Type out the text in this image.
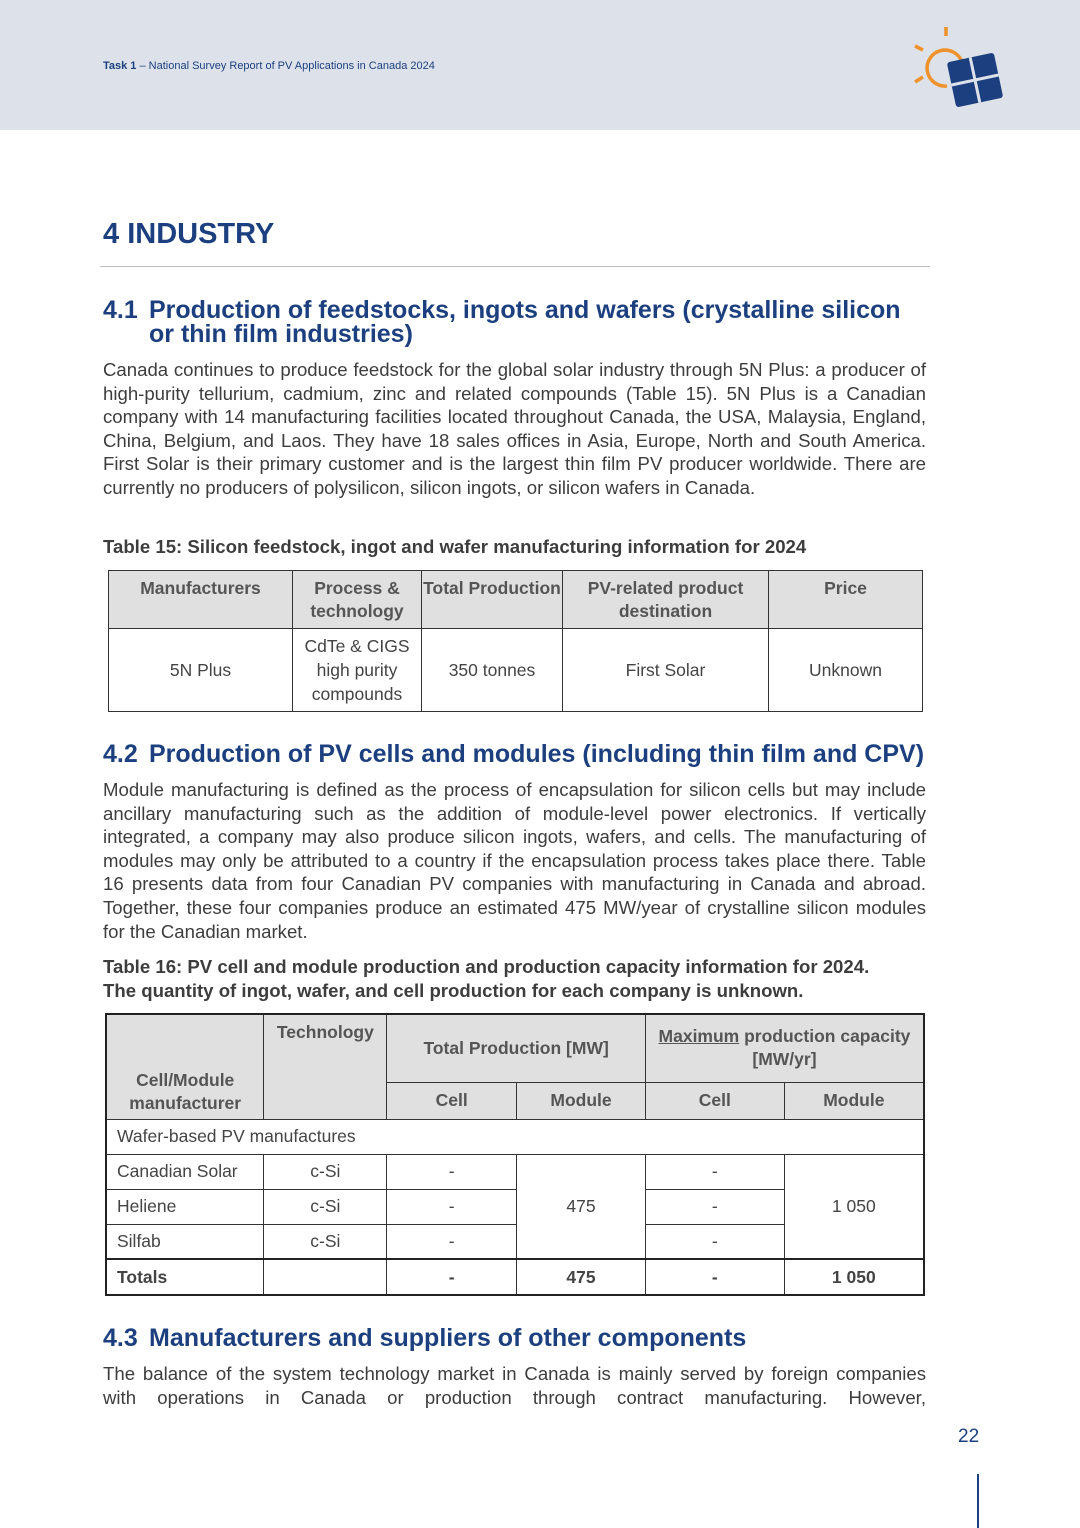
Task 1 – National Survey Report of PV Applications in Canada 2024
4 INDUSTRY
4.1 Production of feedstocks, ingots and wafers (crystalline silicon
or thin film industries)
Canada continues to produce feedstock for the global solar industry through 5N Plus: a producer of high-purity tellurium, cadmium, zinc and related compounds (Table 15). 5N Plus is a Canadian company with 14 manufacturing facilities located throughout Canada, the USA, Malaysia, England, China, Belgium, and Laos. They have 18 sales offices in Asia, Europe, North and South America. First Solar is their primary customer and is the largest thin film PV producer worldwide. There are currently no producers of polysilicon, silicon ingots, or silicon wafers in Canada.
Table 15: Silicon feedstock, ingot and wafer manufacturing information for 2024
Manufacturers	Process & technology	Total Production	PV-related product destination	Price
5N Plus	CdTe & CIGS high purity compounds	350 tonnes	First Solar	Unknown
4.2 Production of PV cells and modules (including thin film and CPV)
Module manufacturing is defined as the process of encapsulation for silicon cells but may include ancillary manufacturing such as the addition of module-level power electronics. If vertically integrated, a company may also produce silicon ingots, wafers, and cells. The manufacturing of modules may only be attributed to a country if the encapsulation process takes place there. Table 16 presents data from four Canadian PV companies with manufacturing in Canada and abroad. Together, these four companies produce an estimated 475 MW/year of crystalline silicon modules for the Canadian market.
Table 16: PV cell and module production and production capacity information for 2024.
The quantity of ingot, wafer, and cell production for each company is unknown.
Cell/Module manufacturer	Technology	Total Production [MW]		Maximum production capacity [MW/yr]	
		Cell	Module	Cell	Module
Wafer-based PV manufactures					
Canadian Solar	c-Si	-	475	-	1 050
Heliene	c-Si	-		-	
Silfab	c-Si	-		-	
Totals		-	475	-	1 050
4.3 Manufacturers and suppliers of other components
The balance of the system technology market in Canada is mainly served by foreign companies with operations in Canada or production through contract manufacturing. However,
22
